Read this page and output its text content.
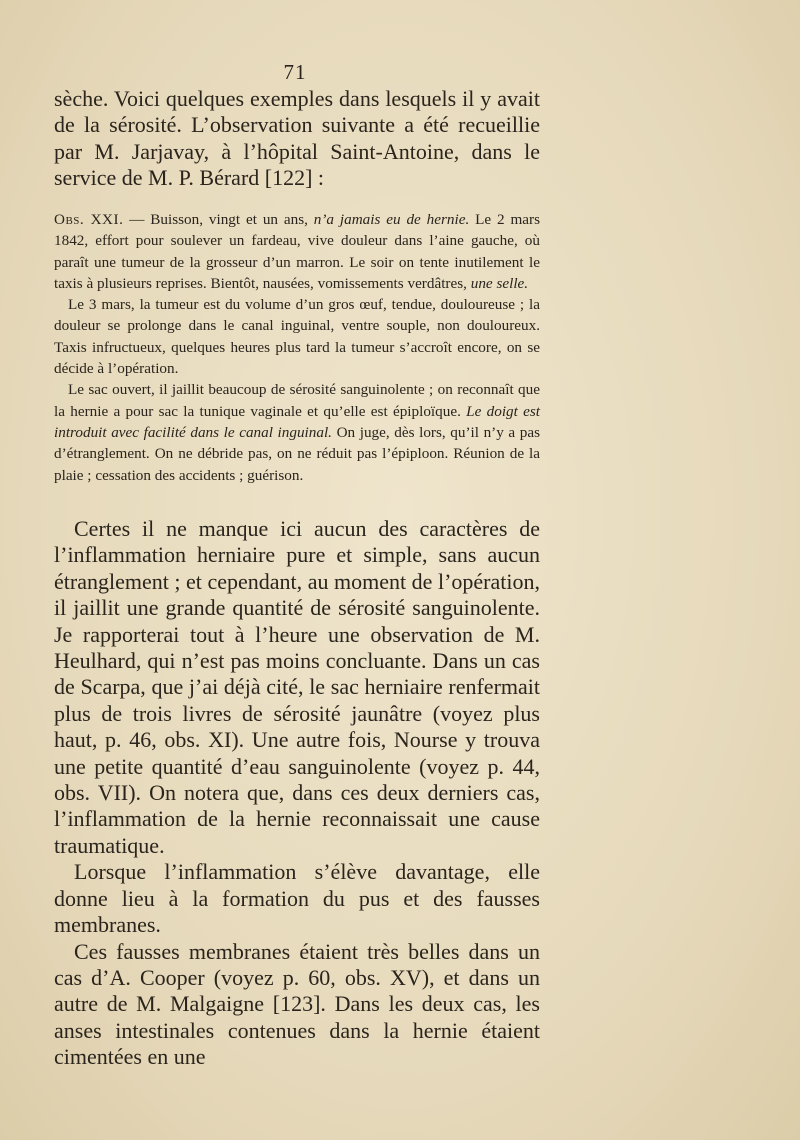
71

sèche. Voici quelques exemples dans lesquels il y avait de la sérosité. L’observation suivante a été recueillie par M. Jarjavay, à l’hôpital Saint-Antoine, dans le service de M. P. Bérard [122] :

Obs. XXI. — Buisson, vingt et un ans, n’a jamais eu de hernie. Le 2 mars 1842, effort pour soulever un fardeau, vive douleur dans l’aine gauche, où paraît une tumeur de la grosseur d’un marron. Le soir on tente inutilement le taxis à plusieurs reprises. Bientôt, nausées, vomissements verdâtres, une selle.

Le 3 mars, la tumeur est du volume d’un gros œuf, tendue, douloureuse ; la douleur se prolonge dans le canal inguinal, ventre souple, non douloureux. Taxis infructueux, quelques heures plus tard la tumeur s’accroît encore, on se décide à l’opération.

Le sac ouvert, il jaillit beaucoup de sérosité sanguinolente ; on reconnaît que la hernie a pour sac la tunique vaginale et qu’elle est épiploïque. Le doigt est introduit avec facilité dans le canal inguinal. On juge, dès lors, qu’il n’y a pas d’étranglement. On ne débride pas, on ne réduit pas l’épiploon. Réunion de la plaie ; cessation des accidents ; guérison.

Certes il ne manque ici aucun des caractères de l’inflammation herniaire pure et simple, sans aucun étranglement ; et cependant, au moment de l’opération, il jaillit une grande quantité de sérosité sanguinolente. Je rapporterai tout à l’heure une observation de M. Heulhard, qui n’est pas moins concluante. Dans un cas de Scarpa, que j’ai déjà cité, le sac herniaire renfermait plus de trois livres de sérosité jaunâtre (voyez plus haut, p. 46, obs. XI). Une autre fois, Nourse y trouva une petite quantité d’eau sanguinolente (voyez p. 44, obs. VII). On notera que, dans ces deux derniers cas, l’inflammation de la hernie reconnaissait une cause traumatique.

Lorsque l’inflammation s’élève davantage, elle donne lieu à la formation du pus et des fausses membranes.

Ces fausses membranes étaient très belles dans un cas d’A. Cooper (voyez p. 60, obs. XV), et dans un autre de M. Malgaigne [123]. Dans les deux cas, les anses intestinales contenues dans la hernie étaient cimentées en une
